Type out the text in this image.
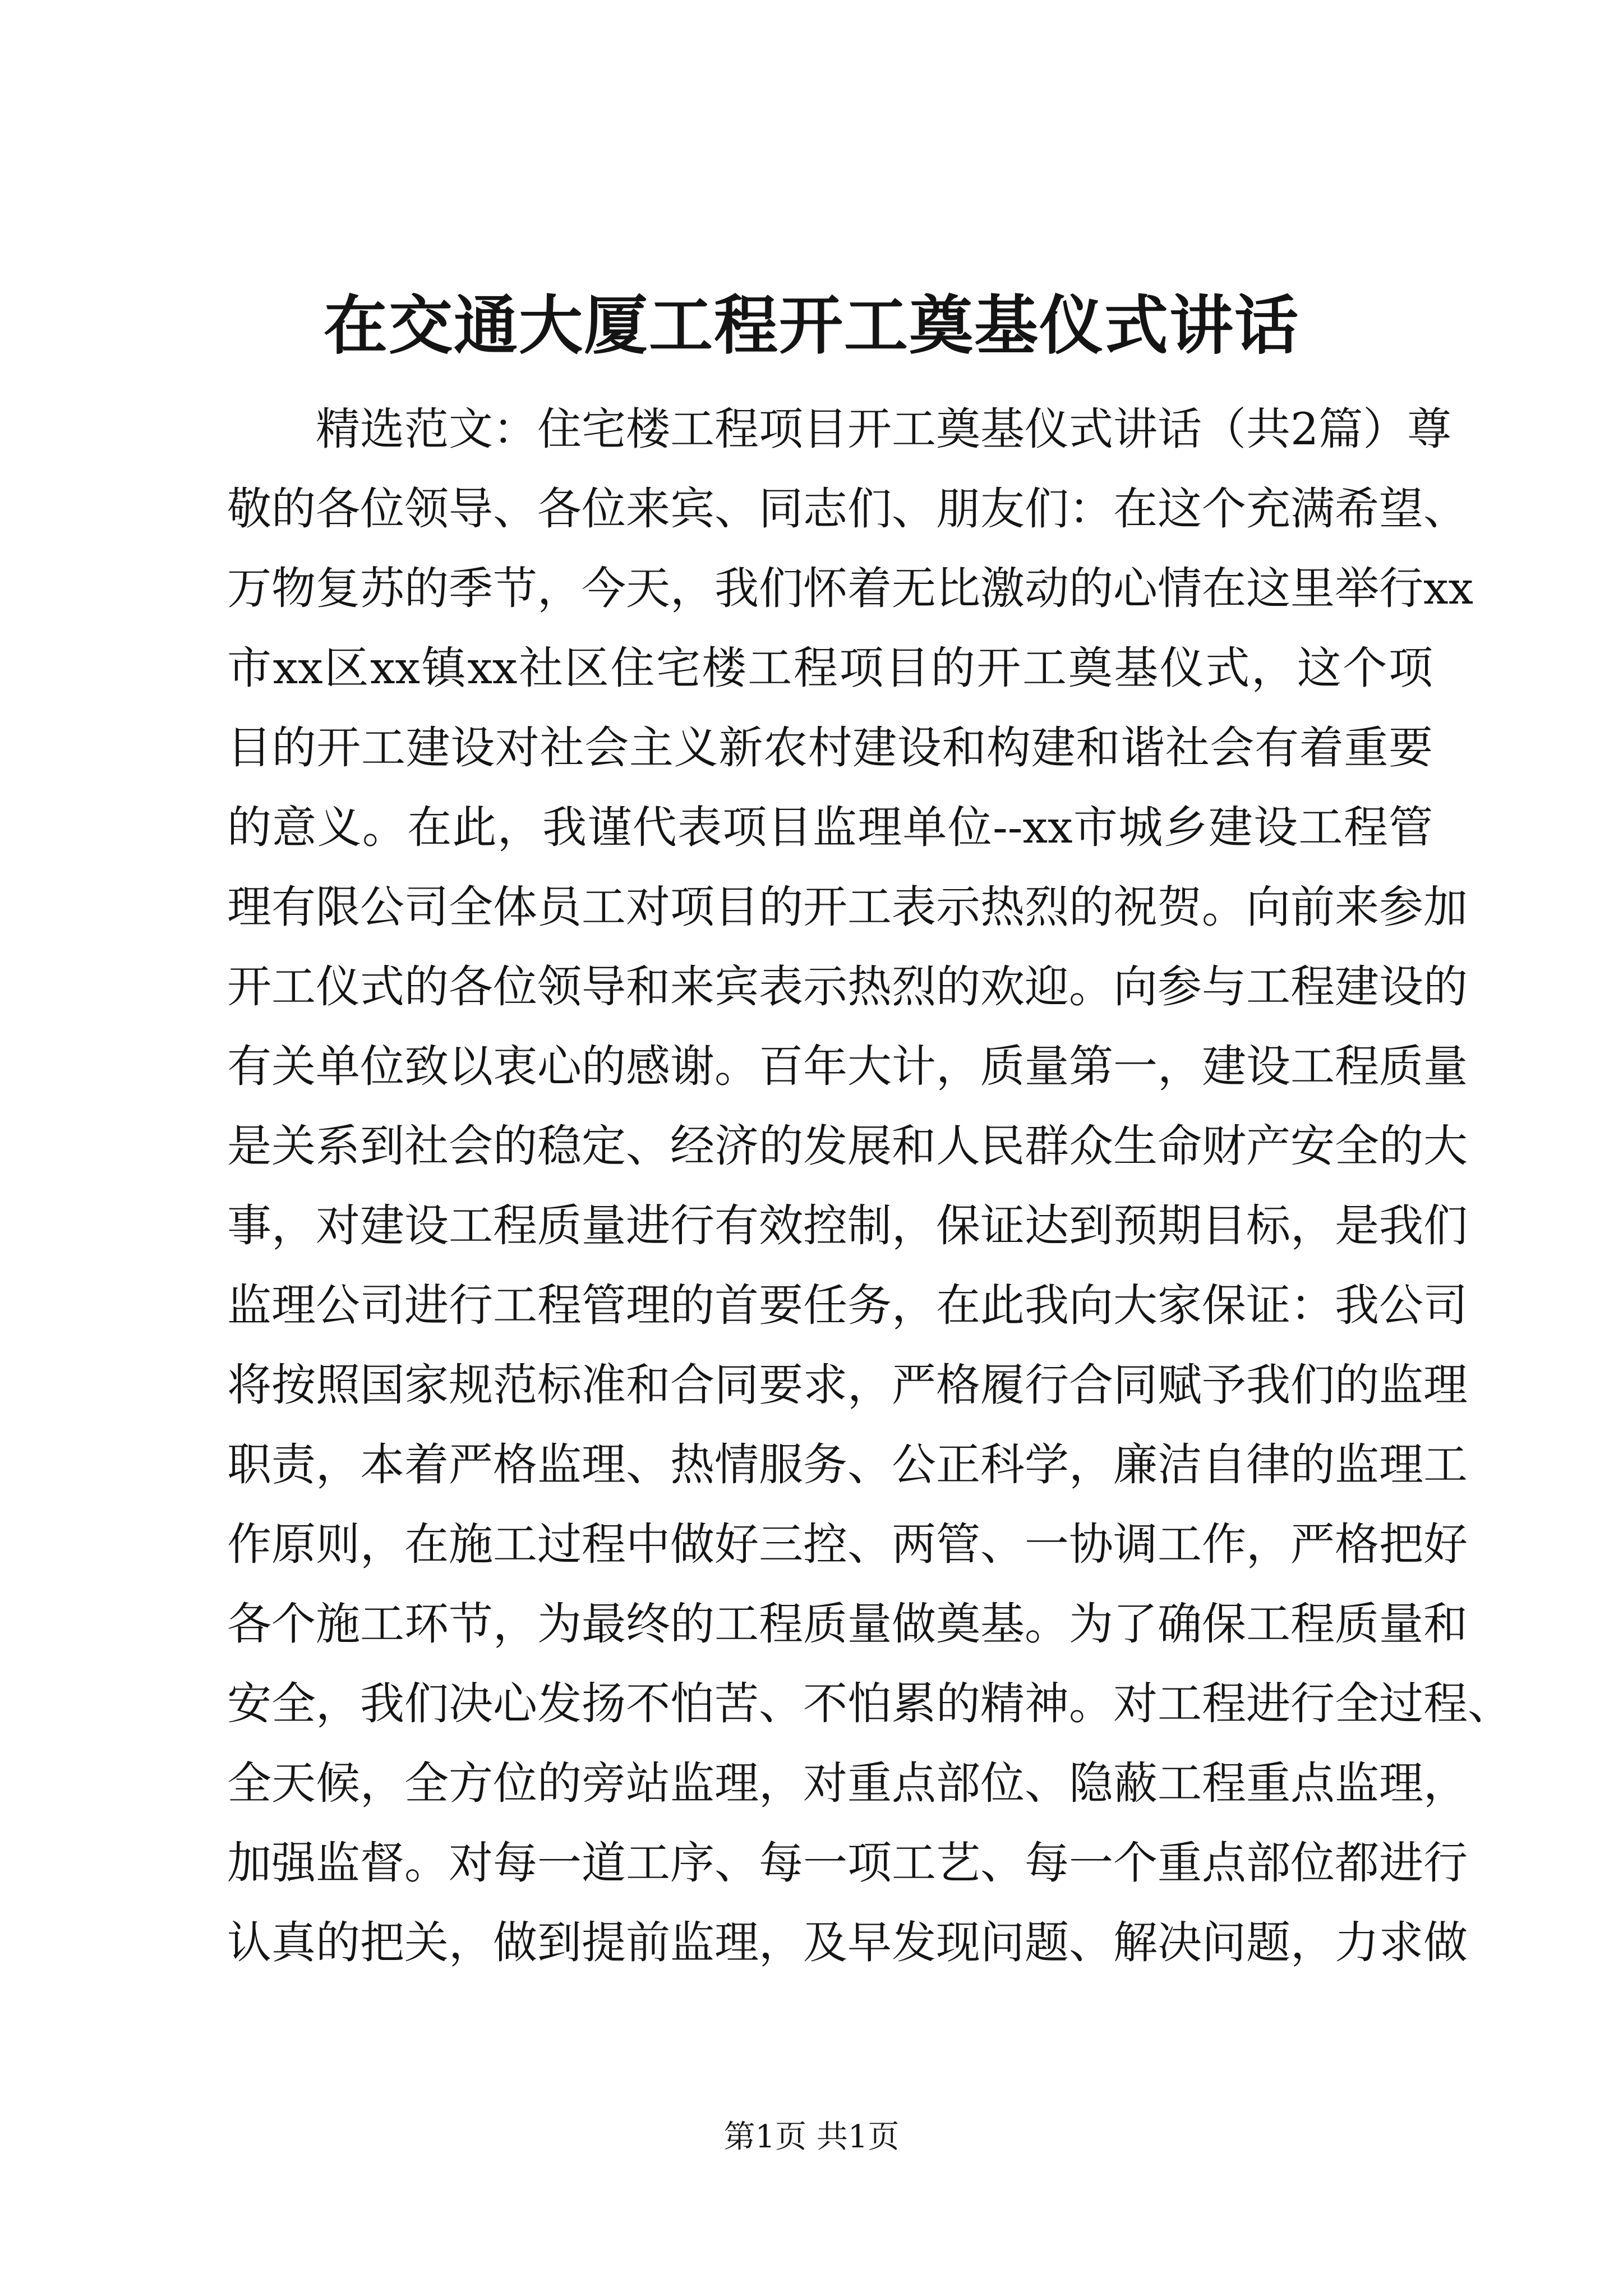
在交通大厦工程开工奠基仪式讲话
精选范文：住宅楼工程项目开工奠基仪式讲话（共2篇）尊
敬的各位领导、各位来宾、同志们、朋友们：在这个充满希望、
万物复苏的季节，今天，我们怀着无比激动的心情在这里举行xx
市xx区xx镇xx社区住宅楼工程项目的开工奠基仪式，这个项
目的开工建设对社会主义新农村建设和构建和谐社会有着重要
的意义。在此，我谨代表项目监理单位--xx市城乡建设工程管
理有限公司全体员工对项目的开工表示热烈的祝贺。向前来参加
开工仪式的各位领导和来宾表示热烈的欢迎。向参与工程建设的
有关单位致以衷心的感谢。百年大计，质量第一，建设工程质量
是关系到社会的稳定、经济的发展和人民群众生命财产安全的大
事，对建设工程质量进行有效控制，保证达到预期目标，是我们
监理公司进行工程管理的首要任务，在此我向大家保证：我公司
将按照国家规范标准和合同要求，严格履行合同赋予我们的监理
职责，本着严格监理、热情服务、公正科学，廉洁自律的监理工
作原则，在施工过程中做好三控、两管、一协调工作，严格把好
各个施工环节，为最终的工程质量做奠基。为了确保工程质量和
安全，我们决心发扬不怕苦、不怕累的精神。对工程进行全过程、
全天候，全方位的旁站监理，对重点部位、隐蔽工程重点监理，
加强监督。对每一道工序、每一项工艺、每一个重点部位都进行
认真的把关，做到提前监理，及早发现问题、解决问题，力求做
第1页 共1页
